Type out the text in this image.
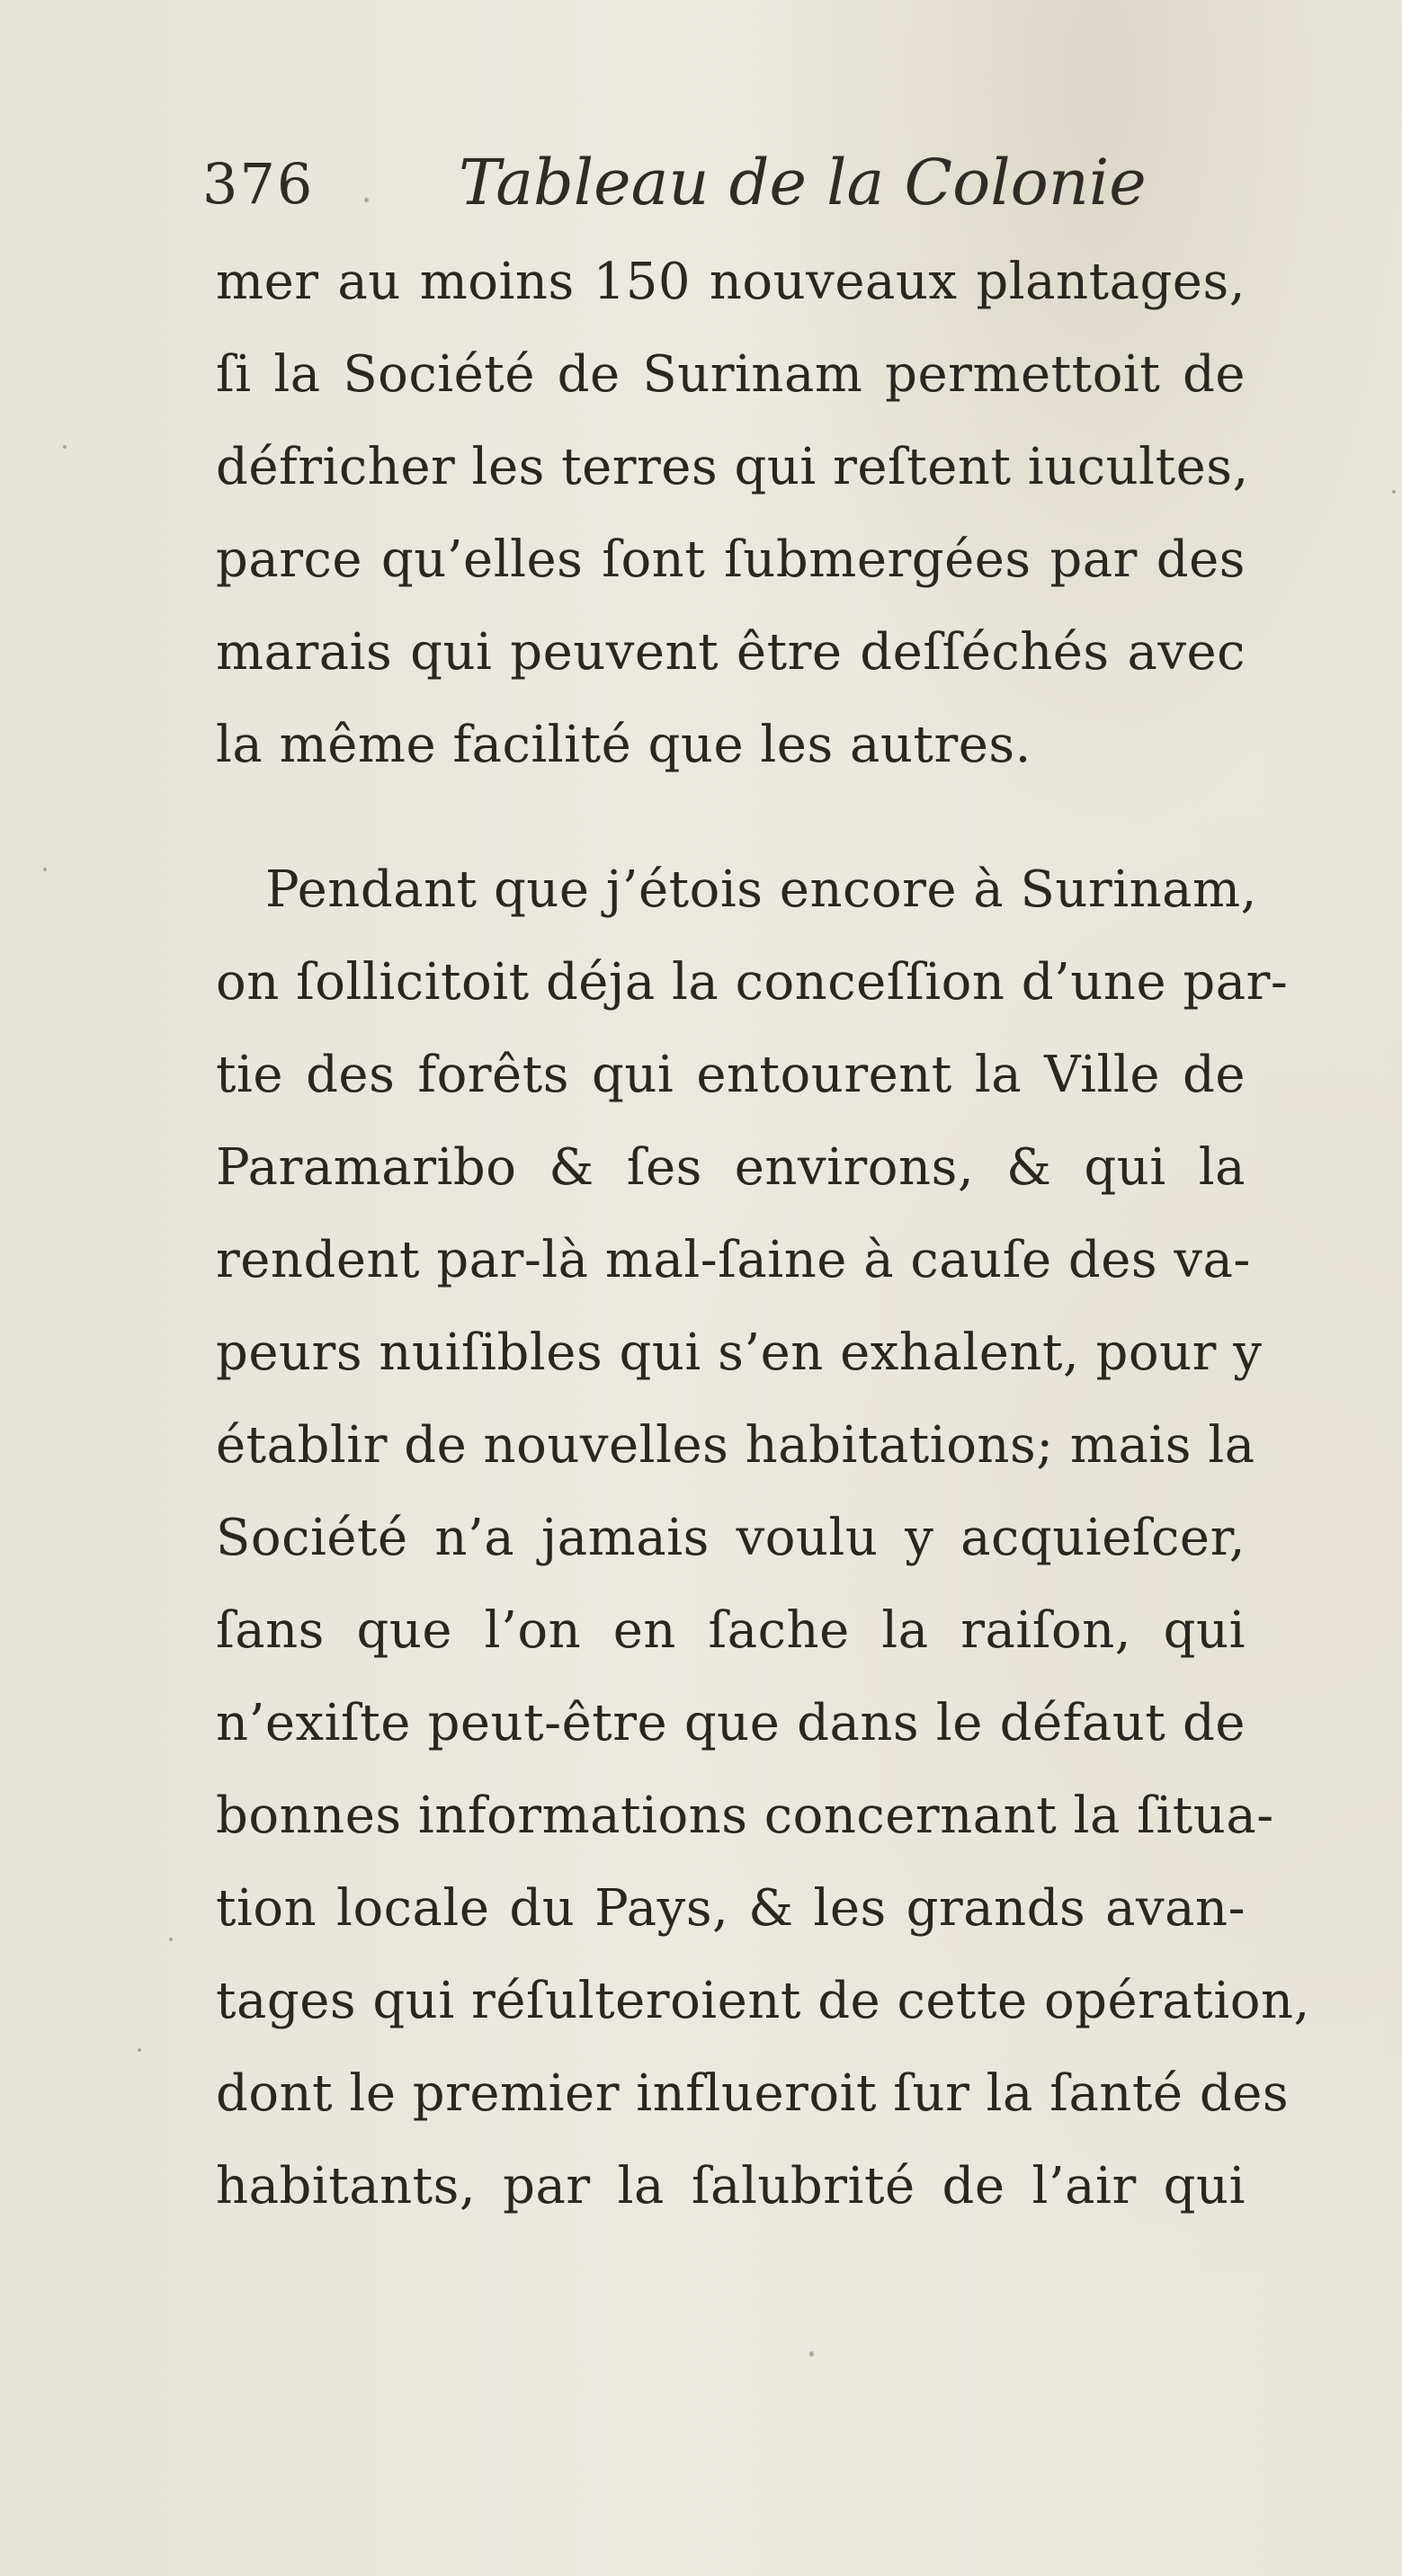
376 Tableau de la Colonie
mer au moins 150 nouveaux plantages,
ſi la Société de Surinam permettoit de
défricher les terres qui reſtent iucultes,
parce qu’elles ſont ſubmergées par des
marais qui peuvent être deſſéchés avec
la même facilité que les autres.
Pendant que j’étois encore à Surinam,
on ſollicitoit déja la conceſſion d’une par-
tie des forêts qui entourent la Ville de
Paramaribo & ſes environs, & qui la
rendent par-là mal-ſaine à cauſe des va-
peurs nuiſibles qui s’en exhalent, pour y
établir de nouvelles habitations; mais la
Société n’a jamais voulu y acquieſcer,
ſans que l’on en ſache la raiſon, qui
n’exiſte peut-être que dans le défaut de
bonnes informations concernant la ſitua-
tion locale du Pays, & les grands avan-
tages qui réſulteroient de cette opération,
dont le premier influeroit ſur la ſanté des
habitants, par la ſalubrité de l’air qui
